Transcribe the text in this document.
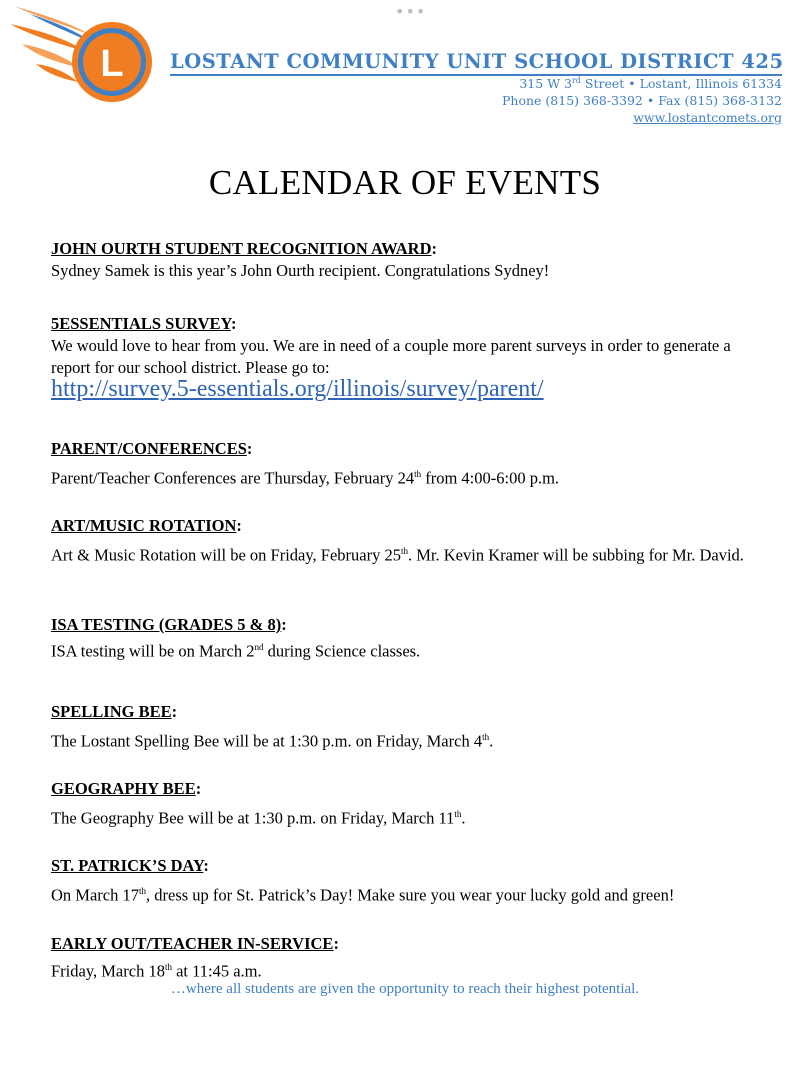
•••
L LOSTANT COMMUNITY UNIT SCHOOL DISTRICT 425
315 W 3rd Street • Lostant, Illinois 61334
Phone (815) 368-3392 • Fax (815) 368-3132
www.lostantcomets.org
CALENDAR OF EVENTS
JOHN OURTH STUDENT RECOGNITION AWARD:
Sydney Samek is this year’s John Ourth recipient. Congratulations Sydney!
5ESSENTIALS SURVEY:
We would love to hear from you. We are in need of a couple more parent surveys in order to generate a report for our school district. Please go to:
http://survey.5-essentials.org/illinois/survey/parent/
PARENT/CONFERENCES:
Parent/Teacher Conferences are Thursday, February 24th from 4:00-6:00 p.m.
ART/MUSIC ROTATION:
Art & Music Rotation will be on Friday, February 25th. Mr. Kevin Kramer will be subbing for Mr. David.
ISA TESTING (GRADES 5 & 8):
ISA testing will be on March 2nd during Science classes.
SPELLING BEE:
The Lostant Spelling Bee will be at 1:30 p.m. on Friday, March 4th.
GEOGRAPHY BEE:
The Geography Bee will be at 1:30 p.m. on Friday, March 11th.
ST. PATRICK’S DAY:
On March 17th, dress up for St. Patrick’s Day! Make sure you wear your lucky gold and green!
EARLY OUT/TEACHER IN-SERVICE:
Friday, March 18th at 11:45 a.m.
…where all students are given the opportunity to reach their highest potential.
